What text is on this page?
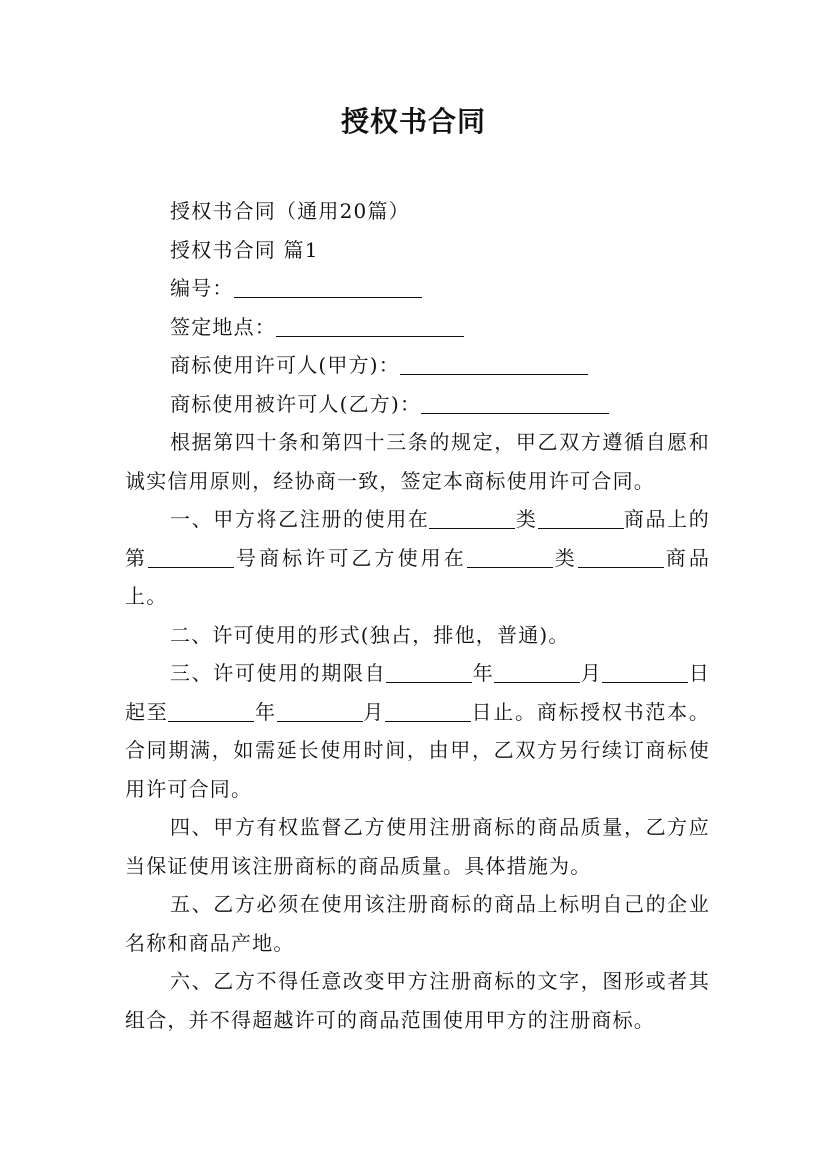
授权书合同
授权书合同（通用20篇）
授权书合同 篇1
编号：
签定地点：
商标使用许可人(甲方)：
商标使用被许可人(乙方)：
根据第四十条和第四十三条的规定，甲乙双方遵循自愿和诚实信用原则，经协商一致，签定本商标使用许可合同。
一、甲方将乙注册的使用在	类	商品上的第	号商标许可乙方使用在	类	商品上。
二、许可使用的形式(独占，排他，普通)。
三、许可使用的期限自	年	月	日起至	年	月	日止。商标授权书范本。合同期满，如需延长使用时间，由甲，乙双方另行续订商标使用许可合同。
四、甲方有权监督乙方使用注册商标的商品质量，乙方应当保证使用该注册商标的商品质量。具体措施为。
五、乙方必须在使用该注册商标的商品上标明自己的企业名称和商品产地。
六、乙方不得任意改变甲方注册商标的文字，图形或者其组合，并不得超越许可的商品范围使用甲方的注册商标。
